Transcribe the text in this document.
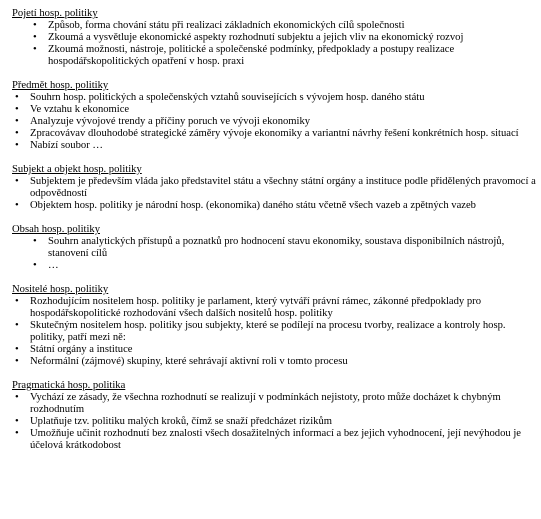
Pojetí hosp. politiky
•	Způsob, forma chování státu při realizaci základních ekonomických cílů společnosti
•	Zkoumá a vysvětluje ekonomické aspekty rozhodnutí subjektu a jejich vliv na ekonomický rozvoj
•	Zkoumá možnosti, nástroje, politické a společenské podmínky, předpoklady a postupy realizace hospodářskopolitických opatření v hosp. praxi
Předmět hosp. politiky
•	Souhrn hosp. politických a společenských vztahů souvisejících s vývojem hosp. daného státu
•	Ve vztahu k ekonomice
•	Analyzuje vývojové trendy a příčiny poruch ve vývoji ekonomiky
•	Zpracovávav dlouhodobé strategické záměry vývoje ekonomiky a variantní návrhy řešení konkrétních hosp. situací
•	Nabízí soubor …
Subjekt a objekt hosp. politiky
•	Subjektem je především vláda jako představitel státu a všechny státní orgány a instituce podle přidělených pravomocí a odpovědností
•	Objektem hosp. politiky je národní hosp. (ekonomika) daného státu včetně všech vazeb a zpětných vazeb
Obsah hosp. politiky
•	Souhrn analytických přístupů a poznatků pro hodnocení stavu ekonomiky, soustava disponibilních nástrojů, stanovení cílů
•	…
Nositelé hosp. politiky
•	Rozhodujícím nositelem hosp. politiky je parlament, který vytváří právní rámec, zákonné předpoklady pro hospodářskopolitické rozhodování všech dalších nositelů hosp. politiky
•	Skutečným nositelem hosp. politiky jsou subjekty, které se podílejí na procesu tvorby, realizace a kontroly hosp. politiky, patří mezi ně:
•	Státní orgány a instituce
•	Neformální (zájmové) skupiny, které sehrávají aktivní roli v tomto procesu
Pragmatická hosp. politika
•	Vychází ze zásady, že všechna rozhodnutí se realizují v podmínkách nejistoty, proto může docházet k chybným rozhodnutím
•	Uplatňuje tzv. politiku malých kroků, čímž se snaží předcházet rizikům
•	Umožňuje učinit rozhodnutí bez znalosti všech dosažitelných informací a bez jejich vyhodnocení, její nevýhodou je účelová krátkodobost
